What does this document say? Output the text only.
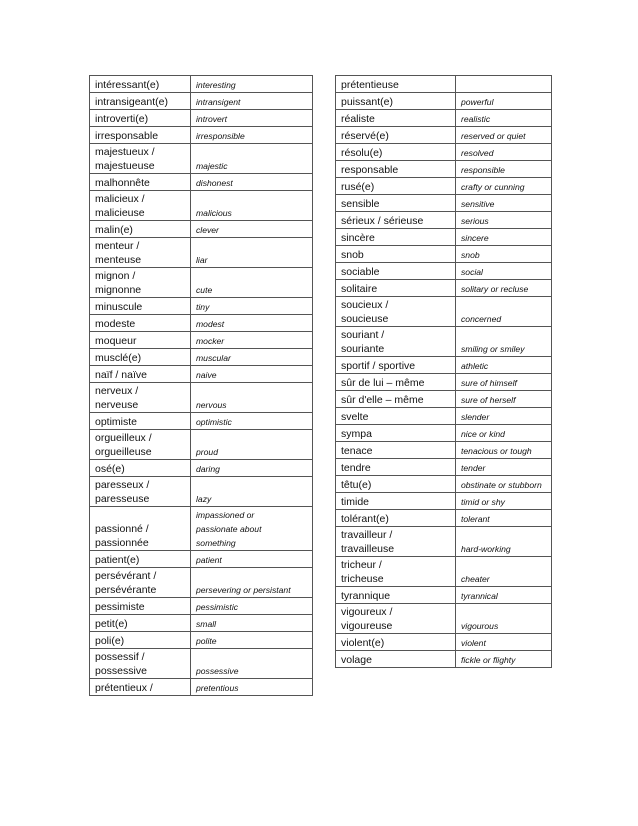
intéressant(e)	interesting
intransigeant(e)	intransigent
introverti(e)	introvert
irresponsable	irresponsible
majestueux /
majestueuse	majestic
malhonnête	dishonest
malicieux /
malicieuse	malicious
malin(e)	clever
menteur /
menteuse	liar
mignon /
mignonne	cute
minuscule	tiny
modeste	modest
moqueur	mocker
musclé(e)	muscular
naïf / naïve	naive
nerveux /
nerveuse	nervous
optimiste	optimistic
orgueilleux /
orgueilleuse	proud
osé(e)	daring
paresseux /
paresseuse	lazy
passionné /
passionnée	impassioned or
passionate about
something
patient(e)	patient
persévérant /
persévérante	persevering or persistant
pessimiste	pessimistic
petit(e)	small
poli(e)	polite
possessif /
possessive	possessive
prétentieux /	pretentious
prétentieuse	
puissant(e)	powerful
réaliste	realistic
réservé(e)	reserved or quiet
résolu(e)	resolved
responsable	responsible
rusé(e)	crafty or cunning
sensible	sensitive
sérieux / sérieuse	serious
sincère	sincere
snob	snob
sociable	social
solitaire	solitary or recluse
soucieux /
soucieuse	concerned
souriant /
souriante	smiling or smiley
sportif / sportive	athletic
sûr de lui – même	sure of himself
sûr d'elle – même	sure of herself
svelte	slender
sympa	nice or kind
tenace	tenacious or tough
tendre	tender
têtu(e)	obstinate or stubborn
timide	timid or shy
tolérant(e)	tolerant
travailleur /
travailleuse	hard-working
tricheur /
tricheuse	cheater
tyrannique	tyrannical
vigoureux /
vigoureuse	vigourous
violent(e)	violent
volage	fickle or flighty
